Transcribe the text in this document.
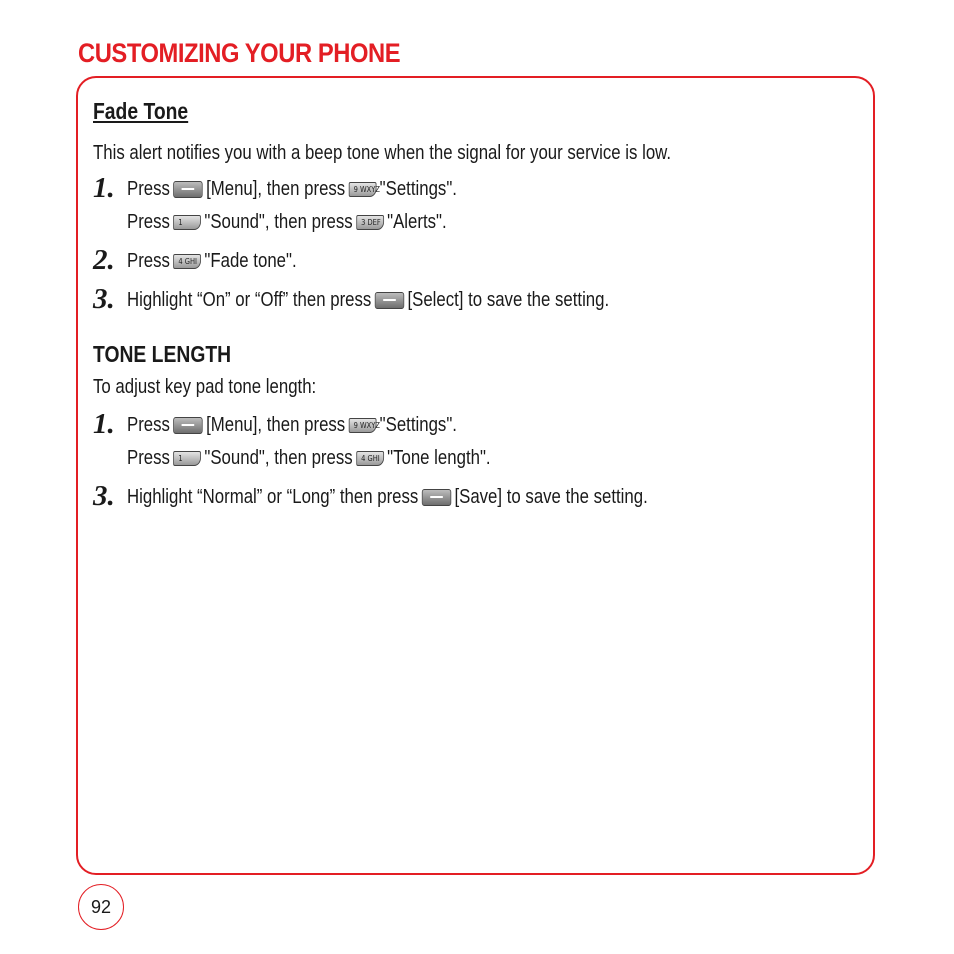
CUSTOMIZING YOUR PHONE
Fade Tone
This alert notifies you with a beep tone when the signal for your service is low.
1. Press [Menu], then press	9 WXYZ "Settings".
Press	1	"Sound", then press	3 DEF "Alerts".
2. Press	4 GHI "Fade tone".
3. Highlight “On” or “Off” then press [Select] to save the setting.
TONE LENGTH
To adjust key pad tone length:
1. Press [Menu], then press	9 WXYZ "Settings".
Press	1	"Sound", then press	4 GHI "Tone length".
3. Highlight “Normal” or “Long” then press [Save] to save the setting.
92
